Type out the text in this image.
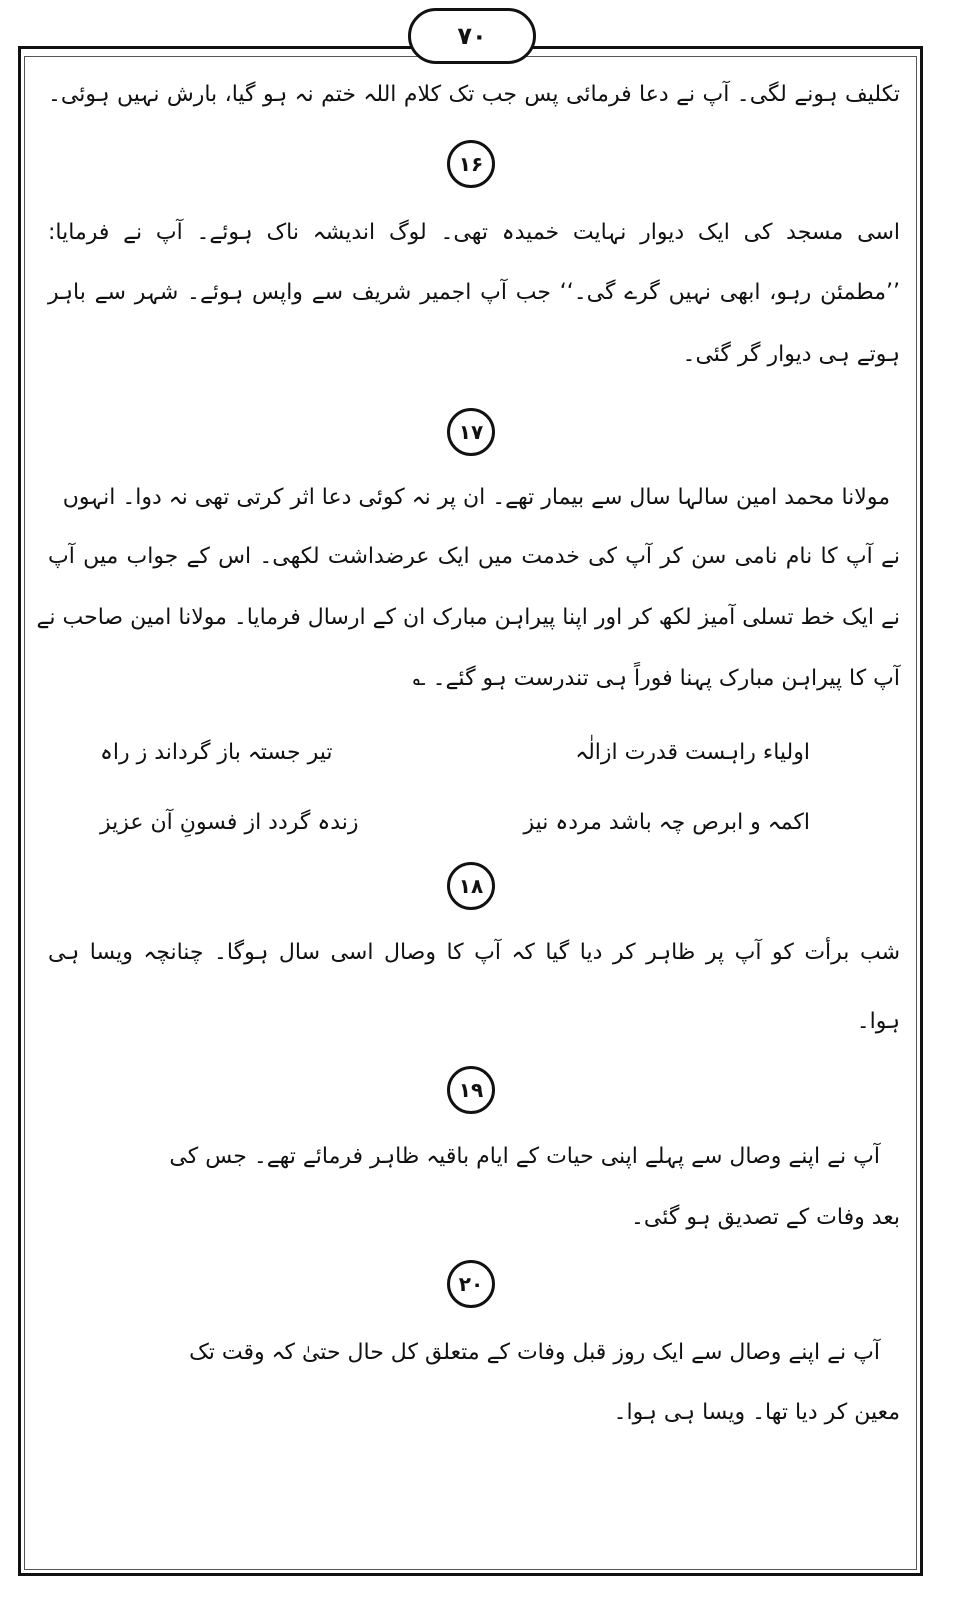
۷۰
تکلیف ہونے لگی۔ آپ نے دعا فرمائی پس جب تک کلام اللہ ختم نہ ہو گیا، بارش نہیں ہوئی۔
۱۶
اسی مسجد کی ایک دیوار نہایت خمیدہ تھی۔ لوگ اندیشہ ناک ہوئے۔ آپ نے فرمایا:
’’مطمئن رہو، ابھی نہیں گرے گی۔‘‘ جب آپ اجمیر شریف سے واپس ہوئے۔ شہر سے باہر
ہوتے ہی دیوار گر گئی۔
۱۷
مولانا محمد امین سالہا سال سے بیمار تھے۔ ان پر نہ کوئی دعا اثر کرتی تھی نہ دوا۔ انہوں
نے آپ کا نام نامی سن کر آپ کی خدمت میں ایک عرضداشت لکھی۔ اس کے جواب میں آپ
نے ایک خط تسلی آمیز لکھ کر اور اپنا پیراہن مبارک ان کے ارسال فرمایا۔ مولانا امین صاحب نے
آپ کا پیراہن مبارک پہنا فوراً ہی تندرست ہو گئے۔ ؎
اولیاء راہست قدرت ازالٰہ
تیر جستہ باز گرداند ز راہ
اکمہ و ابرص چہ باشد مردہ نیز
زندہ گردد از فسونِ آن عزیز
۱۸
شب برأت کو آپ پر ظاہر کر دیا گیا کہ آپ کا وصال اسی سال ہوگا۔ چنانچہ ویسا ہی
ہوا۔
۱۹
آپ نے اپنے وصال سے پہلے اپنی حیات کے ایام باقیہ ظاہر فرمائے تھے۔ جس کی
بعد وفات کے تصدیق ہو گئی۔
۲۰
آپ نے اپنے وصال سے ایک روز قبل وفات کے متعلق کل حال حتیٰ کہ وقت تک
معین کر دیا تھا۔ ویسا ہی ہوا۔
